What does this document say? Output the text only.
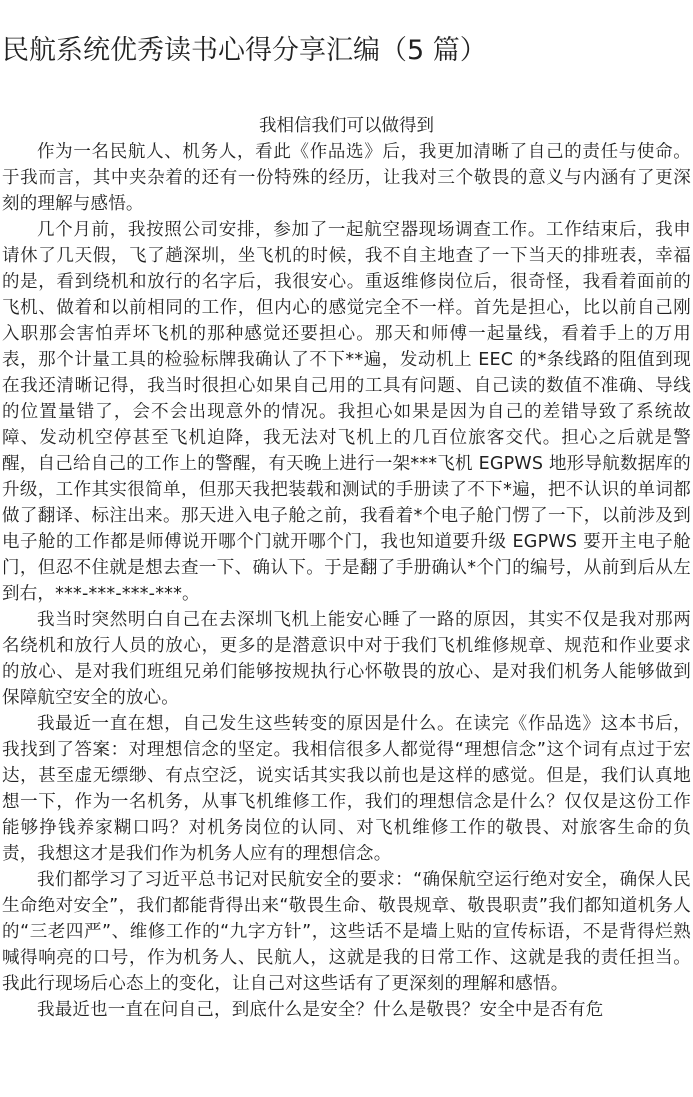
民航系统优秀读书心得分享汇编（5 篇）
我相信我们可以做得到

作为一名民航人、机务人，看此《作品选》后，我更加清晰了自己的责任与使命。于我而言，其中夹杂着的还有一份特殊的经历，让我对三个敬畏的意义与内涵有了更深刻的理解与感悟。

几个月前，我按照公司安排，参加了一起航空器现场调查工作。工作结束后，我申请休了几天假，飞了趟深圳，坐飞机的时候，我不自主地查了一下当天的排班表，幸福的是，看到绕机和放行的名字后，我很安心。重返维修岗位后，很奇怪，我看着面前的飞机、做着和以前相同的工作，但内心的感觉完全不一样。首先是担心，比以前自己刚入职那会害怕弄坏飞机的那种感觉还要担心。那天和师傅一起量线，看着手上的万用表，那个计量工具的检验标牌我确认了不下**遍，发动机上 EEC 的*条线路的阻值到现在我还清晰记得，我当时很担心如果自己用的工具有问题、自己读的数值不准确、导线的位置量错了，会不会出现意外的情况。我担心如果是因为自己的差错导致了系统故障、发动机空停甚至飞机迫降，我无法对飞机上的几百位旅客交代。担心之后就是警醒，自己给自己的工作上的警醒，有天晚上进行一架***飞机 EGPWS 地形导航数据库的升级，工作其实很简单，但那天我把装载和测试的手册读了不下*遍，把不认识的单词都做了翻译、标注出来。那天进入电子舱之前，我看着*个电子舱门愣了一下，以前涉及到电子舱的工作都是师傅说开哪个门就开哪个门，我也知道要升级 EGPWS 要开主电子舱门，但忍不住就是想去查一下、确认下。于是翻了手册确认*个门的编号，从前到后从左到右，***-***-***-***。

我当时突然明白自己在去深圳飞机上能安心睡了一路的原因，其实不仅是我对那两名绕机和放行人员的放心，更多的是潜意识中对于我们飞机维修规章、规范和作业要求的放心、是对我们班组兄弟们能够按规执行心怀敬畏的放心、是对我们机务人能够做到保障航空安全的放心。

我最近一直在想，自己发生这些转变的原因是什么。在读完《作品选》这本书后，我找到了答案：对理想信念的坚定。我相信很多人都觉得“理想信念”这个词有点过于宏达，甚至虚无缥缈、有点空泛，说实话其实我以前也是这样的感觉。但是，我们认真地想一下，作为一名机务，从事飞机维修工作，我们的理想信念是什么？仅仅是这份工作能够挣钱养家糊口吗？对机务岗位的认同、对飞机维修工作的敬畏、对旅客生命的负责，我想这才是我们作为机务人应有的理想信念。

我们都学习了习近平总书记对民航安全的要求：“确保航空运行绝对安全，确保人民生命绝对安全”，我们都能背得出来“敬畏生命、敬畏规章、敬畏职责”我们都知道机务人的“三老四严”、维修工作的“九字方针”，这些话不是墙上贴的宣传标语，不是背得烂熟喊得响亮的口号，作为机务人、民航人，这就是我的日常工作、这就是我的责任担当。我此行现场后心态上的变化，让自己对这些话有了更深刻的理解和感悟。

我最近也一直在问自己，到底什么是安全？什么是敬畏？安全中是否有危
